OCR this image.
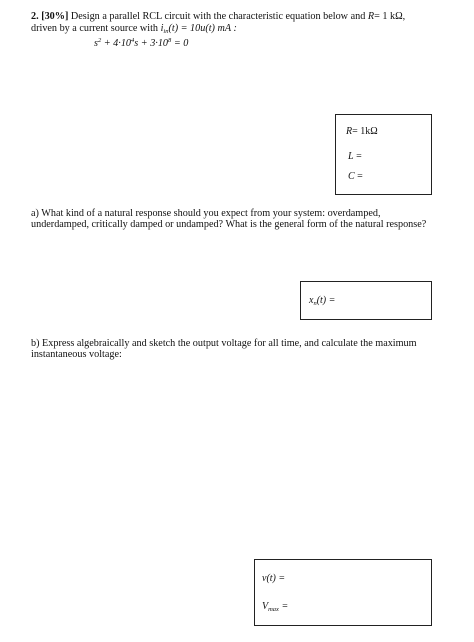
2. [30%] Design a parallel RCL circuit with the characteristic equation below and R= 1 kΩ,
driven by a current source with $i_{in}(t) = 10u(t)$ mA :
$s^2 + 4\cdot 10^4s + 3\cdot 10^8 = 0$
R= 1kΩ
L =
C =
a) What kind of a natural response should you expect from your system: overdamped,
underdamped, critically damped or undamped? What is the general form of the natural response?
$x_n(t)$ =
b) Express algebraically and sketch the output voltage for all time, and calculate the maximum
instantaneous voltage:
v(t) =
$V_{max}$ =
